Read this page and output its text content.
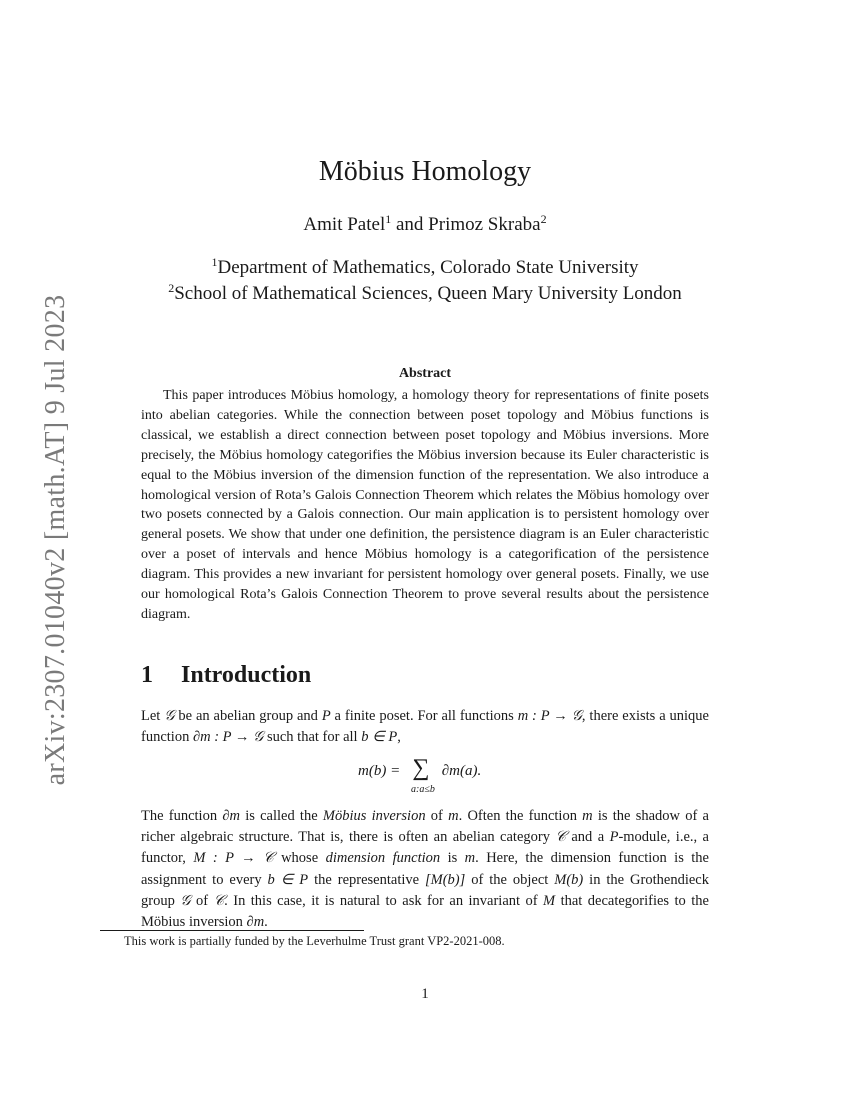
arXiv:2307.01040v2 [math.AT] 9 Jul 2023
Möbius Homology
Amit Patel$^1$ and Primoz Skraba$^2$
$^1$Department of Mathematics, Colorado State University
$^2$School of Mathematical Sciences, Queen Mary University London
Abstract
This paper introduces Möbius homology, a homology theory for representations of finite posets into abelian categories. While the connection between poset topology and Möbius functions is classical, we establish a direct connection between poset topology and Möbius inversions. More precisely, the Möbius homology categorifies the Möbius inversion because its Euler characteristic is equal to the Möbius inversion of the dimension function of the representation. We also introduce a homological version of Rota’s Galois Connection Theorem which relates the Möbius homology over two posets connected by a Galois connection. Our main application is to persistent homology over general posets. We show that under one definition, the persistence diagram is an Euler characteristic over a poset of intervals and hence Möbius homology is a categorification of the persistence diagram. This provides a new invariant for persistent homology over general posets. Finally, we use our homological Rota’s Galois Connection Theorem to prove several results about the persistence diagram.
1 Introduction
Let 𝒢 be an abelian group and P a finite poset. For all functions m : P → 𝒢, there exists a unique function ∂m : P → 𝒢 such that for all b ∈ P,
m(b) = ∑
a:a≤b
∂m(a).
The function ∂m is called the Möbius inversion of m. Often the function m is the shadow of a richer algebraic structure. That is, there is often an abelian category 𝒞 and a P-module, i.e., a functor, M : P → 𝒞 whose dimension function is m. Here, the dimension function is the assignment to every b ∈ P the representative [M(b)] of the object M(b) in the Grothendieck group 𝒢 of 𝒞. In this case, it is natural to ask for an invariant of M that decategorifies to the Möbius inversion ∂m.
This work is partially funded by the Leverhulme Trust grant VP2-2021-008.
1
